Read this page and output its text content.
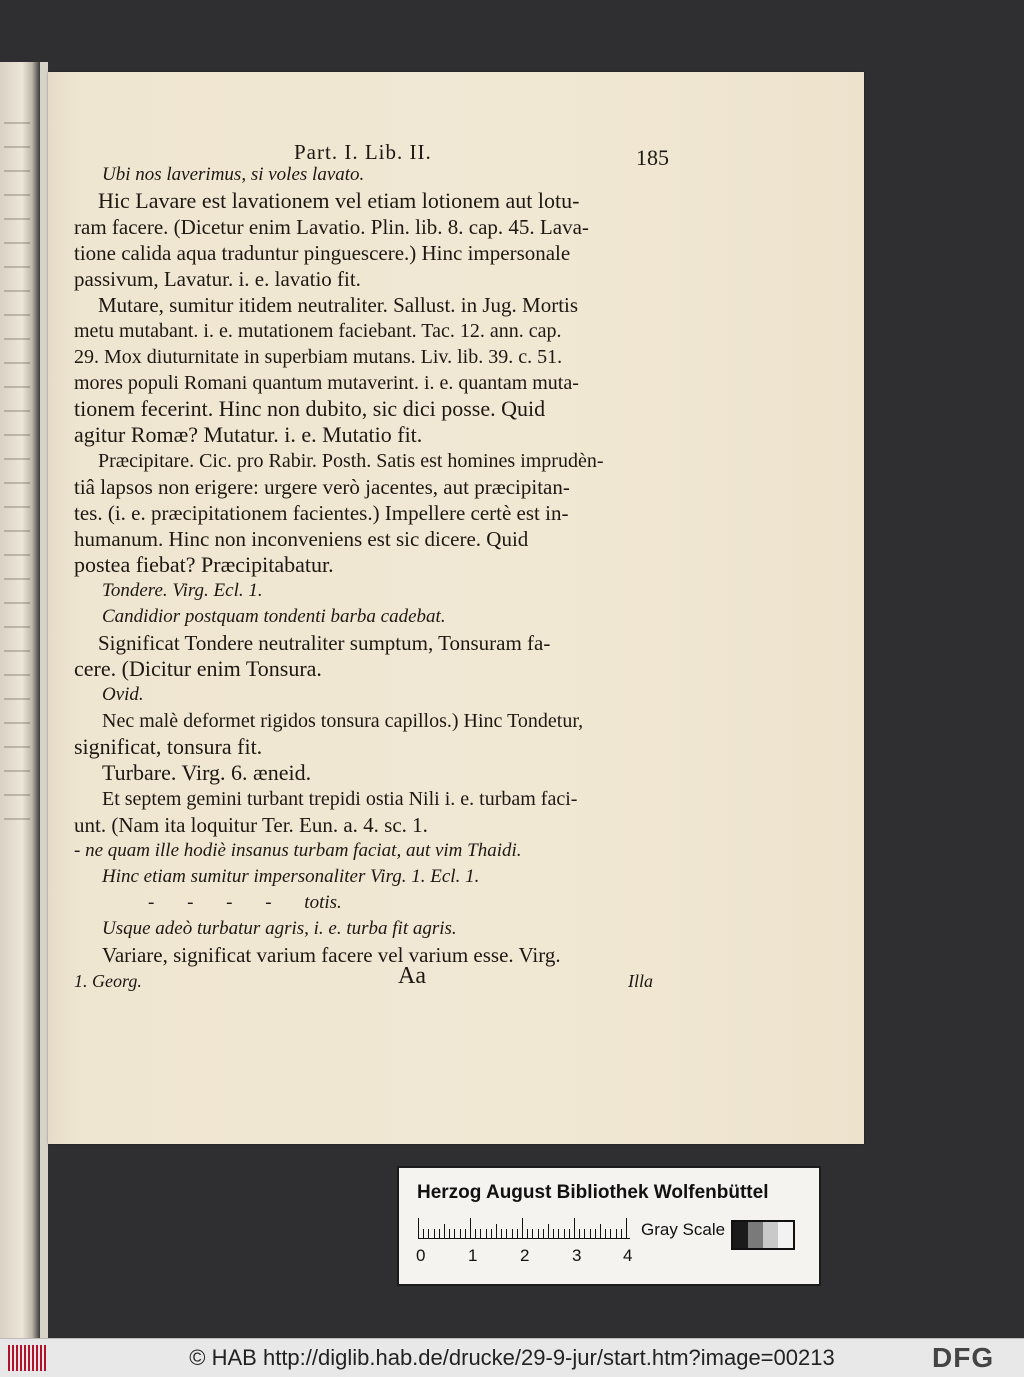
Part. I. Lib. II.	185
Ubi nos laverimus, si voles lavato.
Hic Lavare est lavationem vel etiam lotionem aut lotu-
ram facere. (Dicetur enim Lavatio. Plin. lib. 8. cap. 45. Lava-
tione calida aqua traduntur pinguescere.) Hinc impersonale
passivum, Lavatur. i. e. lavatio fit.
Mutare, sumitur itidem neutraliter. Sallust. in Jug. Mortis
metu mutabant. i. e. mutationem faciebant. Tac. 12. ann. cap.
29. Mox diuturnitate in superbiam mutans. Liv. lib. 39. c. 51.
mores populi Romani quantum mutaverint. i. e. quantam muta-
tionem fecerint. Hinc non dubito, sic dici posse. Quid
agitur Romæ? Mutatur. i. e. Mutatio fit.
Præcipitare. Cic. pro Rabir. Posth. Satis est homines imprudèn-
tiâ lapsos non erigere: urgere verò jacentes, aut præcipitan-
tes. (i. e. præcipitationem facientes.) Impellere certè est in-
humanum. Hinc non inconveniens est sic dicere. Quid
postea fiebat? Præcipitabatur.
Tondere. Virg. Ecl. 1.
Candidior postquam tondenti barba cadebat.
Significat Tondere neutraliter sumptum, Tonsuram fa-
cere. (Dicitur enim Tonsura.
Ovid.
Nec malè deformet rigidos tonsura capillos.) Hinc Tondetur,
significat, tonsura fit.
Turbare. Virg. 6. æneid.
Et septem gemini turbant trepidi ostia Nili i. e. turbam faci-
unt. (Nam ita loquitur Ter. Eun. a. 4. sc. 1.
- ne quam ille hodiè insanus turbam faciat, aut vim Thaidi.
Hinc etiam sumitur impersonaliter Virg. 1. Ecl. 1.
- - - - totis.
Usque adeò turbatur agris, i. e. turba fit agris.
Variare, significat varium facere vel varium esse. Virg.
1. Georg.	Aa	Illa
Herzog August Bibliothek Wolfenbüttel
0	1	2	3 4
Gray Scale
© HAB http://diglib.hab.de/drucke/29-9-jur/start.htm?image=00213	DFG
